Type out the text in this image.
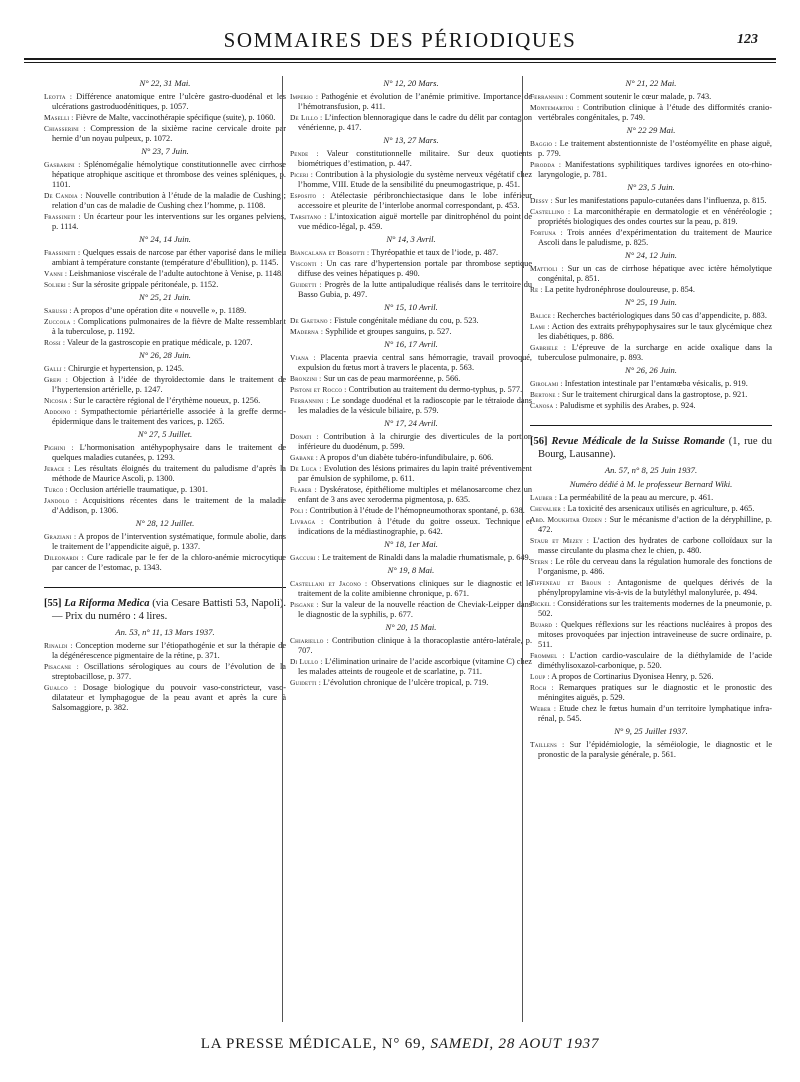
SOMMAIRES DES PÉRIODIQUES	123
N° 22, 31 Mai.
Leotta : Différence anatomique entre l’ulcère gastro-duodénal et les ulcérations gastroduodénitiques, p. 1057.
Maselli : Fièvre de Malte, vaccinothérapie spécifique (suite), p. 1060.
Chiasserini : Compression de la sixième racine cervicale droite par hernie d’un noyau pulpeux, p. 1072.
N° 23, 7 Juin.
Gasbarini : Splénomégalie hémolytique constitutionnelle avec cirrhose hépatique atrophique ascitique et thrombose des veines spléniques, p. 1101.
De Candia : Nouvelle contribution à l’étude de la maladie de Cushing ; relation d’un cas de maladie de Cushing chez l’homme, p. 1108.
Frassineti : Un écarteur pour les interventions sur les organes pelviens, p. 1114.
N° 24, 14 Juin.
Frassineti : Quelques essais de narcose par éther vaporisé dans le milieu ambiant à température constante (température d’ébullition), p. 1145.
Vanni : Leishmaniose viscérale de l’adulte autochtone à Venise, p. 1148.
Solieri : Sur la sérosite grippale péritonéale, p. 1152.
N° 25, 21 Juin.
Sabussi : A propos d’une opération dite « nouvelle », p. 1189.
Zuccola : Complications pulmonaires de la fièvre de Malte ressemblant à la tuberculose, p. 1192.
Rossi : Valeur de la gastroscopie en pratique médicale, p. 1207.
N° 26, 28 Juin.
Galli : Chirurgie et hypertension, p. 1245.
Grepi : Objection à l’idée de thyroïdectomie dans le traitement de l’hypertension artérielle, p. 1247.
Nicosia : Sur le caractère régional de l’érythème noueux, p. 1256.
Addoino : Sympathectomie périartérielle associée à la greffe dermo-épidermique dans le traitement des varices, p. 1265.
N° 27, 5 Juillet.
Pighini : L’hormonisation antéhypophysaire dans le traitement de quelques maladies cutanées, p. 1293.
Jerace : Les résultats éloignés du traitement du paludisme d’après la méthode de Maurice Ascoli, p. 1300.
Turco : Occlusion artérielle traumatique, p. 1301.
Jandolo : Acquisitions récentes dans le traitement de la maladie d’Addison, p. 1306.
N° 28, 12 Juillet.
Graziani : A propos de l’intervention systématique, formule abolie, dans le traitement de l’appendicite aiguë, p. 1337.
Dileonardi : Cure radicale par le fer de la chloro-anémie microcytique par cancer de l’estomac, p. 1343.
[55] La Riforma Medica (via Cesare Battisti 53, Napoli). — Prix du numéro : 4 lires.
An. 53, n° 11, 13 Mars 1937.
Rinaldi : Conception moderne sur l’étiopathogénie et sur la thérapie de la dégénérescence pigmentaire de la rétine, p. 371.
Pisacane : Oscillations sérologiques au cours de l’évolution de la streptobacillose, p. 377.
Gualco : Dosage biologique du pouvoir vaso-constricteur, vaso-dilatateur et lymphagogue de la peau avant et après la cure à Salsomaggiore, p. 382.
N° 12, 20 Mars.
Imperio : Pathogénie et évolution de l’anémie primitive. Importance de l’hémotransfusion, p. 411.
De Lillo : L’infection blennoragique dans le cadre du délit par contagion vénérienne, p. 417.
N° 13, 27 Mars.
Pende : Valeur constitutionnelle militaire. Sur deux quotients biométriques d’estimation, p. 447.
Piceri : Contribution à la physiologie du système nerveux végétatif chez l’homme, VIII. Etude de la sensibilité du pneumogastrique, p. 451.
Esposito : Atélectasie péribronchiectasique dans le lobe inférieur accessoire et pleurite de l’interlobe anormal correspondant, p. 453.
Tarsitano : L’intoxication aiguë mortelle par dinitrophénol du point de vue médico-légal, p. 459.
N° 14, 3 Avril.
Biancalana et Borsotti : Thyréopathie et taux de l’iode, p. 487.
Visconti : Un cas rare d’hypertension portale par thrombose septique diffuse des veines hépatiques p. 490.
Guidetti : Progrès de la lutte antipaludique réalisés dans le territoire du Basso Gubia, p. 497.
N° 15, 10 Avril.
De Gaetano : Fistule congénitale médiane du cou, p. 523.
Maderna : Syphilide et groupes sanguins, p. 527.
N° 16, 17 Avril.
Viana : Placenta praevia central sans hémorragie, travail provoqué, expulsion du fœtus mort à travers le placenta, p. 563.
Bronzini : Sur un cas de peau marmoréenne, p. 566.
Pistoni et Rocco : Contribution au traitement du dermo-typhus, p. 577.
Ferrannini : Le sondage duodénal et la radioscopie par le tétraiode dans les maladies de la vésicule biliaire, p. 579.
N° 17, 24 Avril.
Donati : Contribution à la chirurgie des diverticules de la portion inférieure du duodénum, p. 599.
Gabane : A propos d’un diabète tubéro-infundibulaire, p. 606.
De Luca : Evolution des lésions primaires du lapin traité préventivement par émulsion de syphilome, p. 611.
Flarer : Dyskératose, épithéliome multiples et mélanosarcome chez un enfant de 3 ans avec xeroderma pigmentosa, p. 635.
Poli : Contribution à l’étude de l’hémopneumothorax spontané, p. 638.
Livraga : Contribution à l’étude du goitre osseux. Technique et indications de la médiastinographie, p. 642.
N° 18, 1er Mai.
Gaccuri : Le traitement de Rinaldi dans la maladie rhumatismale, p. 649.
N° 19, 8 Mai.
Castellani et Jacono : Observations cliniques sur le diagnostic et le traitement de la colite amibienne chronique, p. 671.
Pisgane : Sur la valeur de la nouvelle réaction de Cheviak-Leipper dans le diagnostic de la syphilis, p. 677.
N° 20, 15 Mai.
Chiariello : Contribution clinique à la thoracoplastie antéro-latérale, p. 707.
Di Lullo : L’élimination urinaire de l’acide ascorbique (vitamine C) chez les malades atteints de rougeole et de scarlatine, p. 711.
Guidetti : L’évolution chronique de l’ulcère tropical, p. 719.
N° 21, 22 Mai.
Ferrannini : Comment soutenir le cœur malade, p. 743.
Montemartini : Contribution clinique à l’étude des difformités cranio-vertébrales congénitales, p. 749.
N° 22 29 Mai.
Baggio : Le traitement abstentionniste de l’ostéomyélite en phase aiguë, p. 779.
Pirodda : Manifestations syphilitiques tardives ignorées en oto-rhino-laryngologie, p. 781.
N° 23, 5 Juin.
Dessy : Sur les manifestations papulo-cutanées dans l’influenza, p. 815.
Castellino : La marconithérapie en dermatologie et en vénéréologie ; propriétés biologiques des ondes courtes sur la peau, p. 819.
Fortuna : Trois années d’expérimentation du traitement de Maurice Ascoli dans le paludisme, p. 825.
N° 24, 12 Juin.
Mattioli : Sur un cas de cirrhose hépatique avec ictère hémolytique congénital, p. 851.
Re : La petite hydronéphrose douloureuse, p. 854.
N° 25, 19 Juin.
Balice : Recherches bactériologiques dans 50 cas d’appendicite, p. 883.
Lami : Action des extraits préhypophysaires sur le taux glycémique chez les diabétiques, p. 886.
Gabriele : L’épreuve de la surcharge en acide oxalique dans la tuberculose pulmonaire, p. 893.
N° 26, 26 Juin.
Girolami : Infestation intestinale par l’entamœba vésicalis, p. 919.
Bertone : Sur le traitement chirurgical dans la gastroptose, p. 921.
Canosa : Paludisme et syphilis des Arabes, p. 924.
[56] Revue Médicale de la Suisse Romande (1, rue du Bourg, Lausanne).
An. 57, n° 8, 25 Juin 1937.
Numéro dédié à M. le professeur Bernard Wiki.
Lauber : La perméabilité de la peau au mercure, p. 461.
Chevalier : La toxicité des arsenicaux utilisés en agriculture, p. 465.
Abd. Moukhtar Ozden : Sur le mécanisme d’action de la déryphilline, p. 472.
Staub et Mezey : L’action des hydrates de carbone colloïdaux sur la masse circulante du plasma chez le chien, p. 480.
Stern : Le rôle du cerveau dans la régulation humorale des fonctions de l’organisme, p. 486.
Tiffeneau et Broun : Antagonisme de quelques dérivés de la phénylpropylamine vis-à-vis de la butyléthyl malonylurée, p. 494.
Bickel : Considérations sur les traitements modernes de la pneumonie, p. 502.
Bujard : Quelques réflexions sur les réactions nucléaires à propos des mitoses provoquées par injection intraveineuse de sucre ordinaire, p. 511.
Frommel : L’action cardio-vasculaire de la diéthylamide de l’acide diméthylisoxazol-carbonique, p. 520.
Loup : A propos de Cortinarius Dyonisea Henry, p. 526.
Roch : Remarques pratiques sur le diagnostic et le pronostic des méningites aiguës, p. 529.
Weber : Etude chez le fœtus humain d’un territoire lymphatique infra-rénal, p. 545.
N° 9, 25 Juillet 1937.
Taillens : Sur l’épidémiologie, la séméiologie, le diagnostic et le pronostic de la paralysie générale, p. 561.
LA PRESSE MÉDICALE, N° 69, SAMEDI, 28 AOUT 1937
